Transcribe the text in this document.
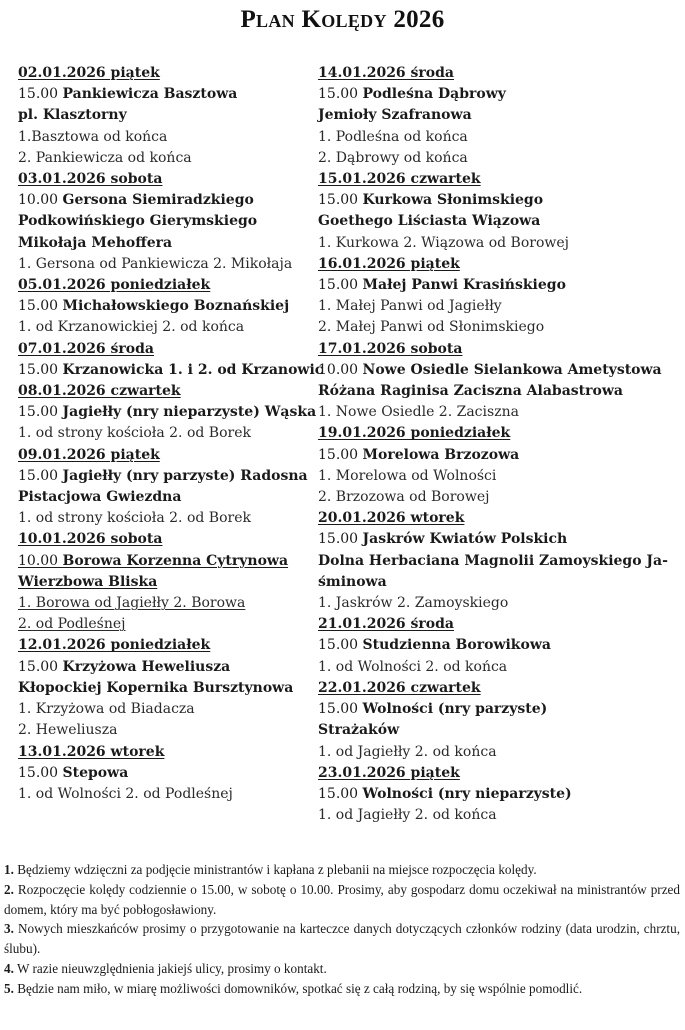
Plan Kolędy 2026
02.01.2026 piątek
15.00 Pankiewicza Basztowa
pl. Klasztorny
1.Basztowa od końca
2. Pankiewicza od końca
03.01.2026 sobota
10.00 Gersona Siemiradzkiego
Podkowińskiego Gierymskiego
Mikołaja Mehoffera
1. Gersona od Pankiewicza 2. Mikołaja
05.01.2026 poniedziałek
15.00 Michałowskiego Boznańskiej
1. od Krzanowickiej 2. od końca
07.01.2026 środa
15.00 Krzanowicka 1. i 2. od Krzanowic
08.01.2026 czwartek
15.00 Jagiełły (nry nieparzyste) Wąska
1. od strony kościoła 2. od Borek
09.01.2026 piątek
15.00 Jagiełły (nry parzyste) Radosna
Pistacjowa Gwiezdna
1. od strony kościoła 2. od Borek
10.01.2026 sobota
10.00 Borowa Korzenna Cytrynowa
Wierzbowa Bliska
1. Borowa od Jagiełły 2. Borowa
2. od Podleśnej
12.01.2026 poniedziałek
15.00 Krzyżowa Heweliusza
Kłopockiej Kopernika Bursztynowa
1. Krzyżowa od Biadacza
2. Heweliusza
13.01.2026 wtorek
15.00 Stepowa
1. od Wolności 2. od Podleśnej
14.01.2026 środa
15.00 Podleśna Dąbrowy
Jemioły Szafranowa
1. Podleśna od końca
2. Dąbrowy od końca
15.01.2026 czwartek
15.00 Kurkowa Słonimskiego
Goethego Liściasta Wiązowa
1. Kurkowa 2. Wiązowa od Borowej
16.01.2026 piątek
15.00 Małej Panwi Krasińskiego
1. Małej Panwi od Jagiełły
2. Małej Panwi od Słonimskiego
17.01.2026 sobota
10.00 Nowe Osiedle Sielankowa Ametystowa
Różana Raginisa Zaciszna Alabastrowa
1. Nowe Osiedle 2. Zaciszna
19.01.2026 poniedziałek
15.00 Morelowa Brzozowa
1. Morelowa od Wolności
2. Brzozowa od Borowej
20.01.2026 wtorek
15.00 Jaskrów Kwiatów Polskich
Dolna Herbaciana Magnolii Zamoyskiego Ja-
śminowa
1. Jaskrów 2. Zamoyskiego
21.01.2026 środa
15.00 Studzienna Borowikowa
1. od Wolności 2. od końca
22.01.2026 czwartek
15.00 Wolności (nry parzyste)
Strażaków
1. od Jagiełły 2. od końca
23.01.2026 piątek
15.00 Wolności (nry nieparzyste)
1. od Jagiełły 2. od końca

1. Będziemy wdzięczni za podjęcie ministrantów i kapłana z plebanii na miejsce rozpoczęcia kolędy.

2. Rozpoczęcie kolędy codziennie o 15.00, w sobotę o 10.00. Prosimy, aby gospodarz domu oczekiwał na ministrantów przed domem, który ma być pobłogosławiony.

3. Nowych mieszkańców prosimy o przygotowanie na karteczce danych dotyczących członków rodziny (data urodzin, chrztu, ślubu).

4. W razie nieuwzględnienia jakiejś ulicy, prosimy o kontakt.

5. Będzie nam miło, w miarę możliwości domowników, spotkać się z całą rodziną, by się wspólnie pomodlić.
